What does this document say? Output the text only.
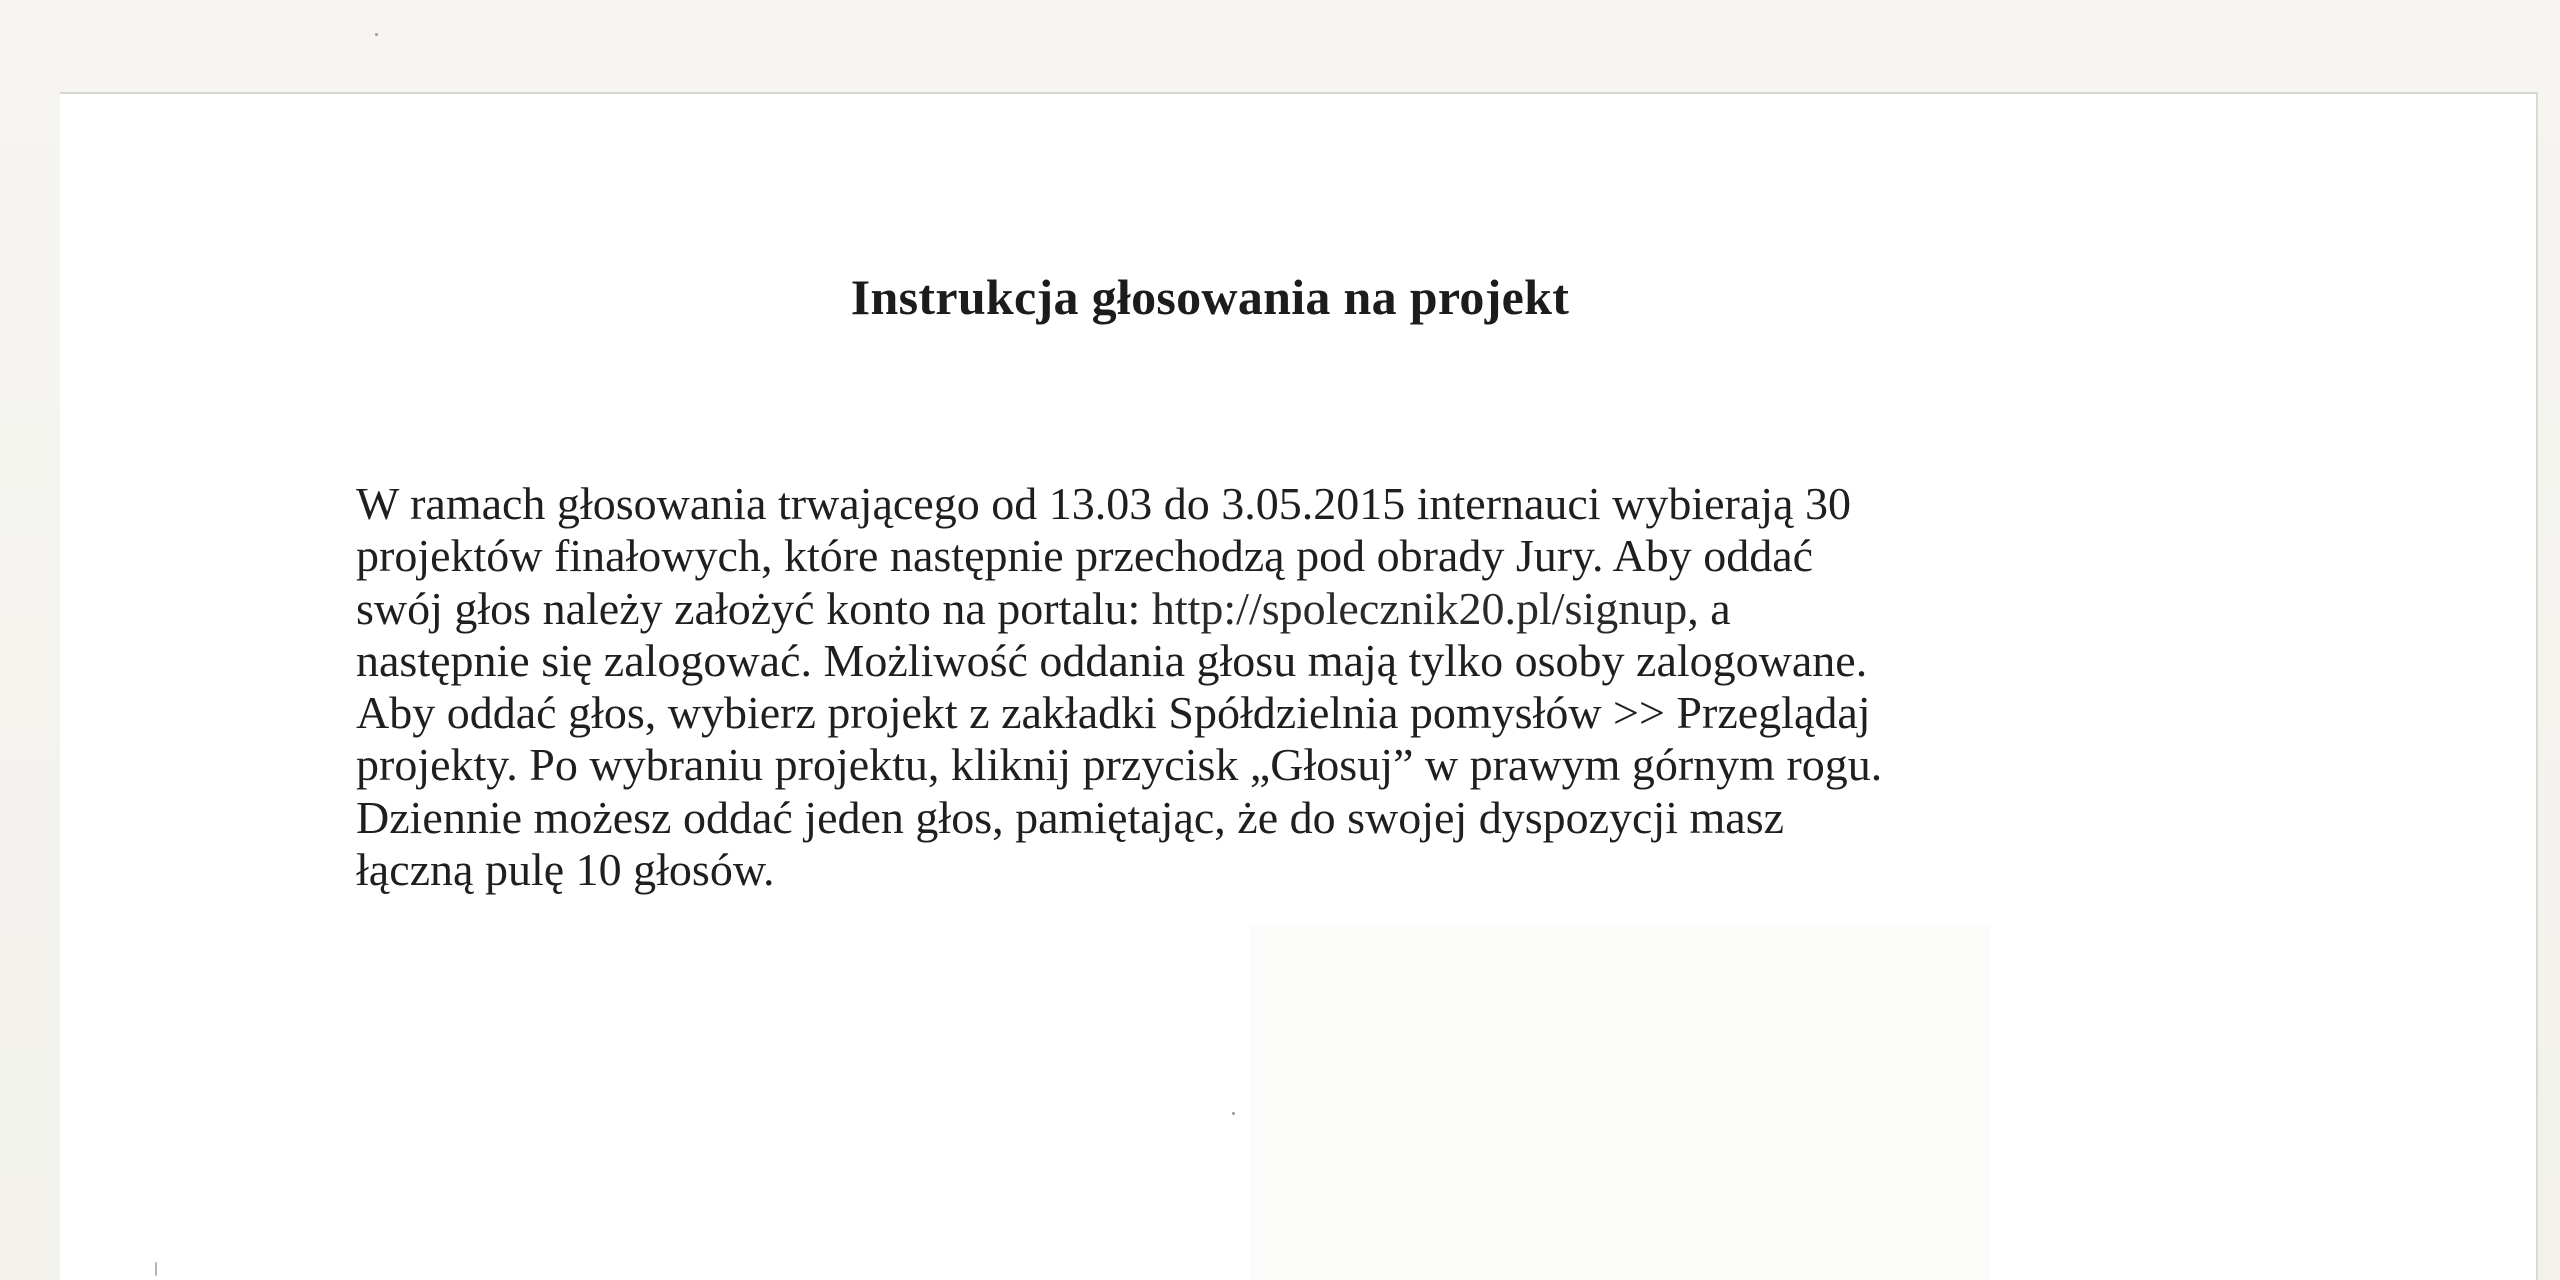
Instrukcja głosowania na projekt

W ramach głosowania trwającego od 13.03 do 3.05.2015 internauci wybierają 30
projektów finałowych, które następnie przechodzą pod obrady Jury. Aby oddać
swój głos należy założyć konto na portalu: http://spolecznik20.pl/signup, a
następnie się zalogować. Możliwość oddania głosu mają tylko osoby zalogowane.
Aby oddać głos, wybierz projekt z zakładki Spółdzielnia pomysłów >> Przeglądaj
projekty. Po wybraniu projektu, kliknij przycisk „Głosuj” w prawym górnym rogu.
Dziennie możesz oddać jeden głos, pamiętając, że do swojej dyspozycji masz
łączną pulę 10 głosów.
